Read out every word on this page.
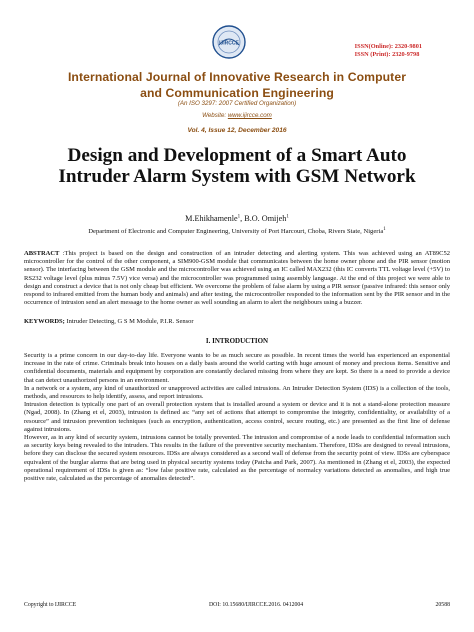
IJIRCCE	ISSN(Online): 2320-9801
ISSN (Print): 2320-9798
International Journal of Innovative Research in Computer
and Communication Engineering
(An ISO 3297: 2007 Certified Organization)
Website: www.ijircce.com
Vol. 4, Issue 12, December 2016
Design and Development of a Smart Auto Intruder Alarm System with GSM Network
M.Ehikhamenle$^1$, B.O. Omijeh$^1$
Department of Electronic and Computer Engineering, University of Port Harcourt, Choba, Rivers State, Nigeria$^1$
ABSTRACT :This project is based on the design and construction of an intruder detecting and alerting system. This was achieved using an AT89C52 microcontroller for the control of the other component, a SIM900-GSM module that communicates between the home owner phone and the PIR sensor (motion sensor). The interfacing between the GSM module and the microcontroller was achieved using an IC called MAX232 (this IC converts TTL voltage level (+5V) to RS232 voltage level (plus minus 7.5V) vice versa) and the microcontroller was programmed using assembly language. At the end of this project we were able to design and construct a device that is not only cheap but efficient. We overcome the problem of false alarm by using a PIR sensor (passive infrared: this sensor only respond to infrared emitted from the human body and animals) and after testing, the microcontroller responded to the information sent by the PIR sensor and in the occurrence of intrusion send an alert message to the home owner as well sounding an alarm to alert the neighbours using a buzzer.
KEYWORDS; Intruder Detecting, G S M Module, P.I.R. Sensor
I. INTRODUCTION

Security is a prime concern in our day-to-day life. Everyone wants to be as much secure as possible. In recent times the world has experienced an exponential increase in the rate of crime. Criminals break into houses on a daily basis around the world carting with huge amount of money and precious items. Sensitive and confidential documents, materials and equipment by corporation are constantly declared missing from where they are kept. So there is a need to provide a device that can detect unauthorized persons in an environment.

In a network or a system, any kind of unauthorized or unapproved activities are called intrusions. An Intruder Detection System (IDS) is a collection of the tools, methods, and resources to help identify, assess, and report intrusions.

Intrusion detection is typically one part of an overall protection system that is installed around a system or device and it is not a stand-alone protection measure (Ngad, 2008). In (Zhang et el, 2003), intrusion is defined as: “any set of actions that attempt to compromise the integrity, confidentiality, or availability of a resource” and intrusion prevention techniques (such as encryption, authentication, access control, secure routing, etc.) are presented as the first line of defense against intrusions.

However, as in any kind of security system, intrusions cannot be totally prevented. The intrusion and compromise of a node leads to confidential information such as security keys being revealed to the intruders. This results in the failure of the preventive security mechanism. Therefore, IDSs are designed to reveal intrusions, before they can disclose the secured system resources. IDSs are always considered as a second wall of defense from the security point of view. IDSs are cyberspace equivalent of the burglar alarms that are being used in physical security systems today (Patcha and Park, 2007). As mentioned in (Zhang et el, 2003), the expected operational requirement of IDSs is given as: “low false positive rate, calculated as the percentage of normalcy variations detected as anomalies, and high true positive rate, calculated as the percentage of anomalies detected”.

Copyright to IJIRCCE	DOI: 10.15680/IJIRCCE.2016. 0412004	20588
